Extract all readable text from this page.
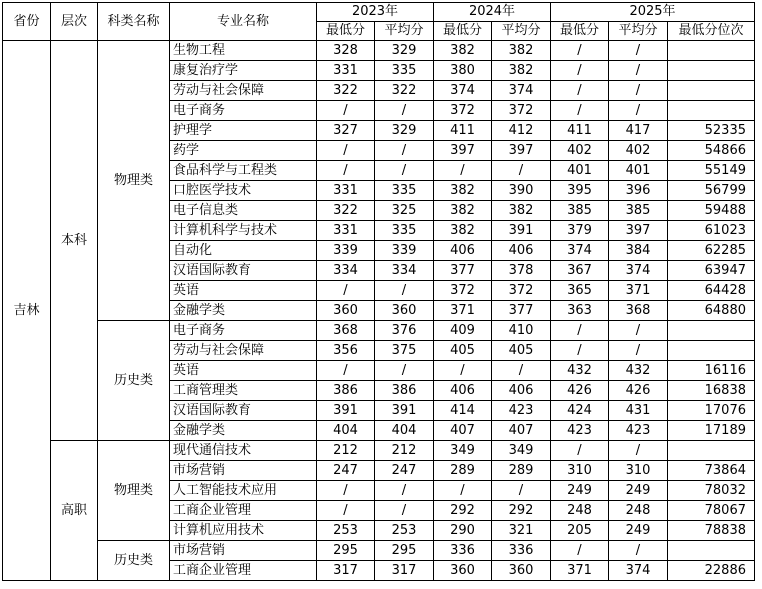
省份	层次	科类名称	专业名称	2023年		2024年		2025年		
				最低分	平均分	最低分	平均分	最低分	平均分	最低分位次
吉林	本科	物理类	生物工程	328	329	382	382	/	/	
			康复治疗学	331	335	380	382	/	/	
			劳动与社会保障	322	322	374	374	/	/	
			电子商务	/	/	372	372	/	/	
			护理学	327	329	411	412	411	417	52335
			药学	/	/	397	397	402	402	54866
			食品科学与工程类	/	/	/	/	401	401	55149
			口腔医学技术	331	335	382	390	395	396	56799
			电子信息类	322	325	382	382	385	385	59488
			计算机科学与技术	331	335	382	391	379	397	61023
			自动化	339	339	406	406	374	384	62285
			汉语国际教育	334	334	377	378	367	374	63947
			英语	/	/	372	372	365	371	64428
			金融学类	360	360	371	377	363	368	64880
		历史类	电子商务	368	376	409	410	/	/	
			劳动与社会保障	356	375	405	405	/	/	
			英语	/	/	/	/	432	432	16116
			工商管理类	386	386	406	406	426	426	16838
			汉语国际教育	391	391	414	423	424	431	17076
			金融学类	404	404	407	407	423	423	17189
	高职	物理类	现代通信技术	212	212	349	349	/	/	
			市场营销	247	247	289	289	310	310	73864
			人工智能技术应用	/	/	/	/	249	249	78032
			工商企业管理	/	/	292	292	248	248	78067
			计算机应用技术	253	253	290	321	205	249	78838
		历史类	市场营销	295	295	336	336	/	/	
			工商企业管理	317	317	360	360	371	374	22886
